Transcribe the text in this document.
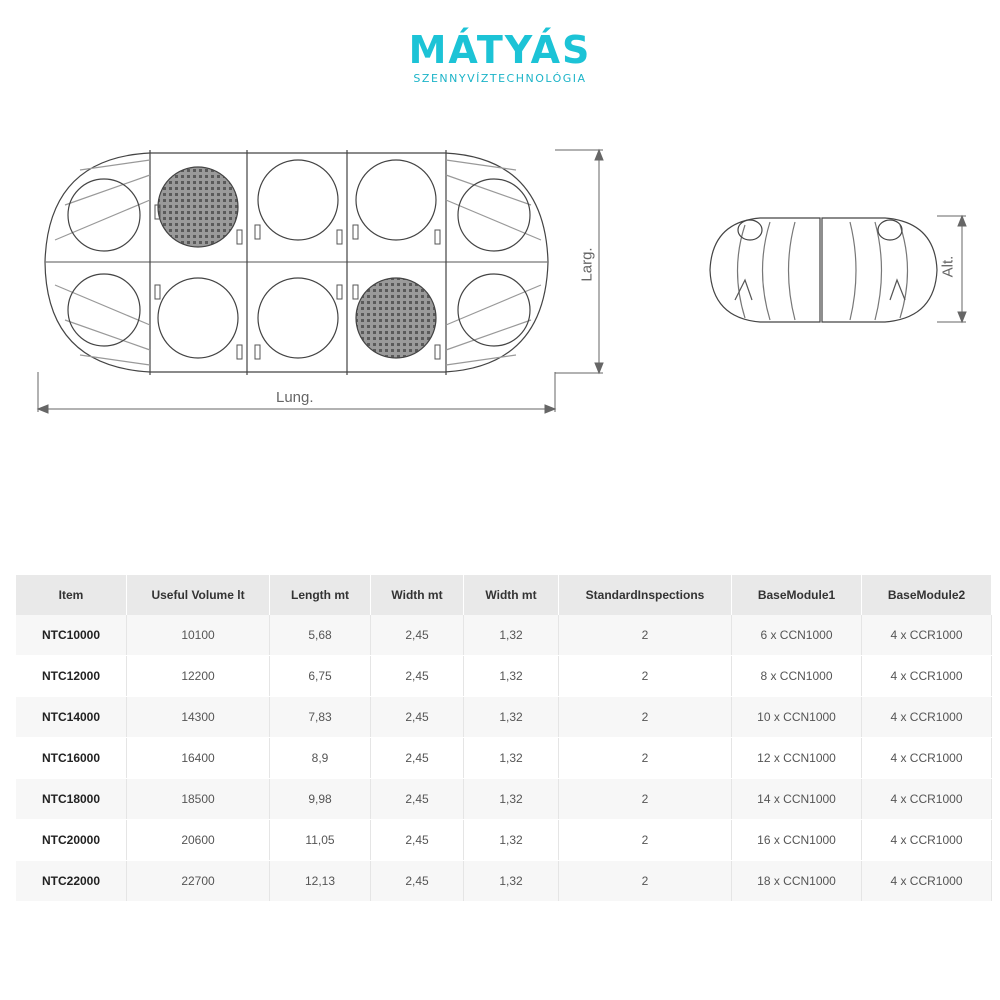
MÁTYÁS
SZENNYVÍZTECHNOLÓGIA
Lung.
Larg.	Alt.
Item	Useful Volume lt	Length mt	Width mt	Width mt	StandardInspections	BaseModule1	BaseModule2
NTC10000	10100	5,68	2,45	1,32	2	6 x CCN1000	4 x CCR1000
NTC12000	12200	6,75	2,45	1,32	2	8 x CCN1000	4 x CCR1000
NTC14000	14300	7,83	2,45	1,32	2	10 x CCN1000	4 x CCR1000
NTC16000	16400	8,9	2,45	1,32	2	12 x CCN1000	4 x CCR1000
NTC18000	18500	9,98	2,45	1,32	2	14 x CCN1000	4 x CCR1000
NTC20000	20600	11,05	2,45	1,32	2	16 x CCN1000	4 x CCR1000
NTC22000	22700	12,13	2,45	1,32	2	18 x CCN1000	4 x CCR1000
